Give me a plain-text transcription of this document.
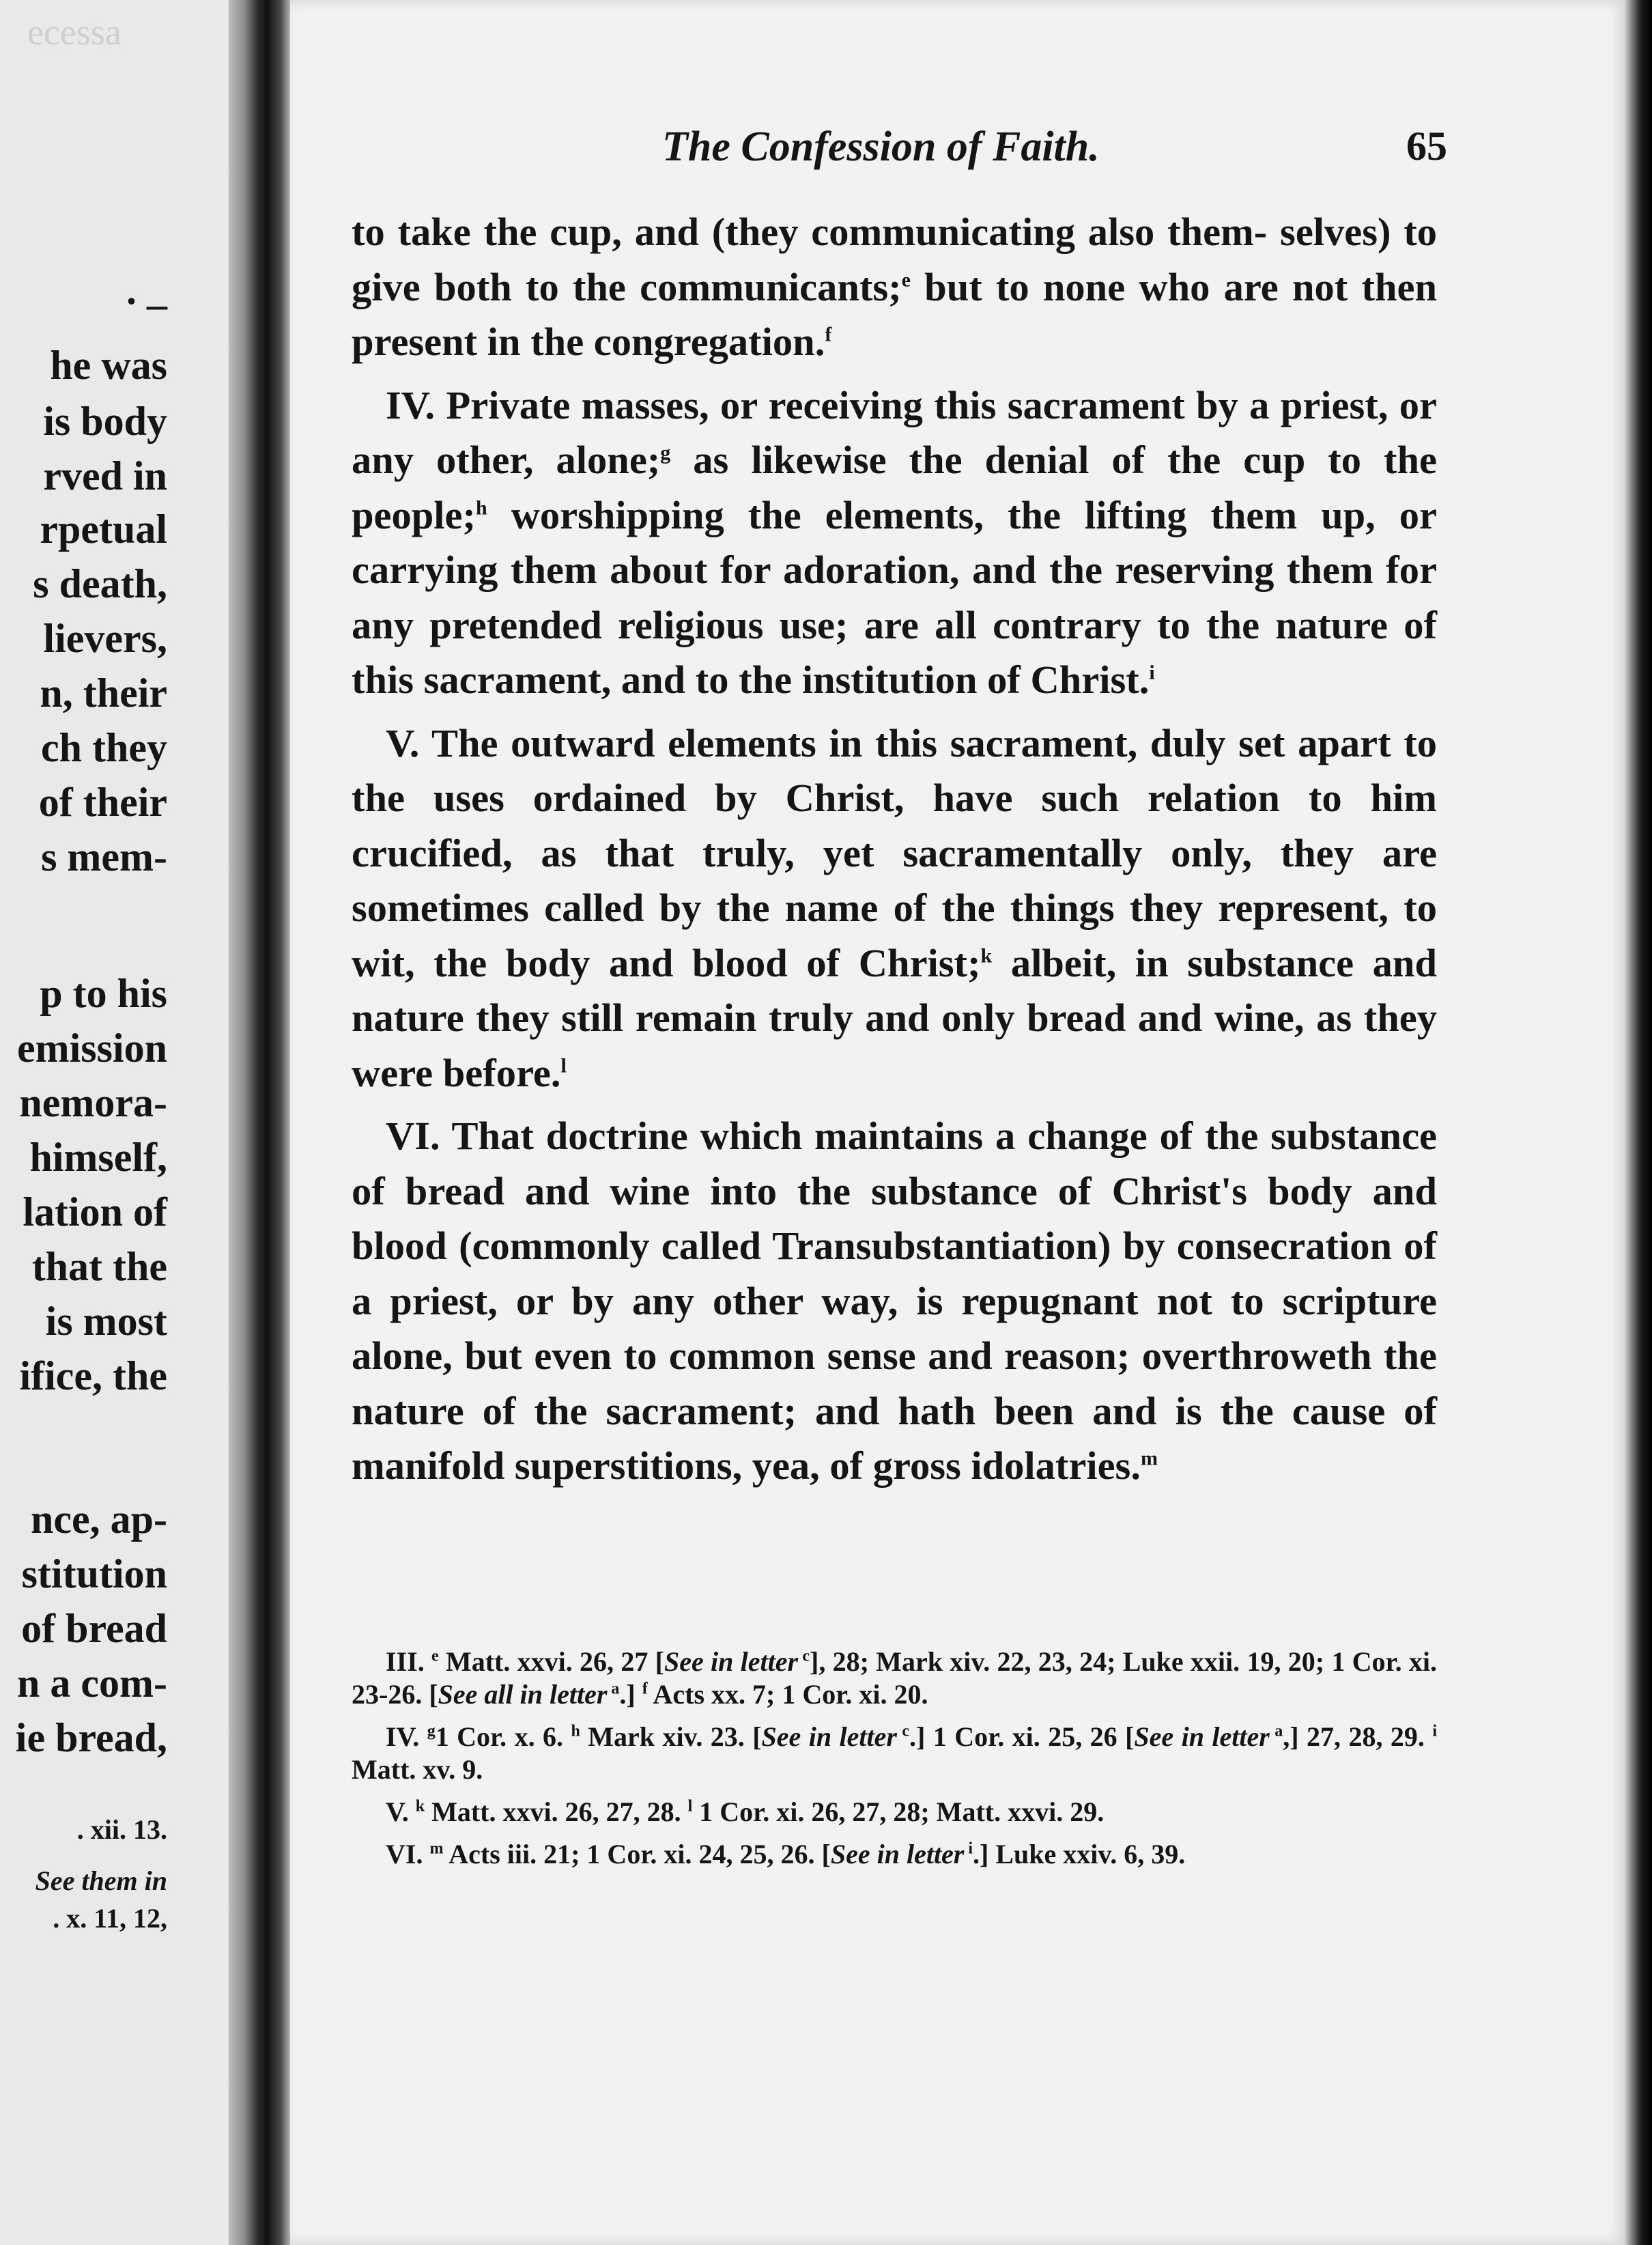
ecessa
. _
he was
is body
rved in
rpetual
s death,
lievers,
n, their
ch they
of their
s mem-
p to his
emission
nemora-
himself,
lation of
that the
is most
ifice, the
nce, ap-
stitution
of bread
n a com-
ie bread,
. xii. 13.
See them in
. x. 11, 12,
The Confession of Faith.	65

to take the cup, and (they communicating also them- selves) to give both to the communicants;$^e$ but to none who are not then present in the congregation.$^f$

IV. Private masses, or receiving this sacrament by a priest, or any other, alone;$^g$ as likewise the denial of the cup to the people;$^h$ worshipping the elements, the lifting them up, or carrying them about for adoration, and the reserving them for any pretended religious use; are all contrary to the nature of this sacrament, and to the institution of Christ.$^i$

V. The outward elements in this sacrament, duly set apart to the uses ordained by Christ, have such relation to him crucified, as that truly, yet sacramentally only, they are sometimes called by the name of the things they represent, to wit, the body and blood of Christ;$^k$ albeit, in substance and nature they still remain truly and only bread and wine, as they were before.$^l$

VI. That doctrine which maintains a change of the substance of bread and wine into the substance of Christ's body and blood (commonly called Transubstantiation) by consecration of a priest, or by any other way, is repugnant not to scripture alone, but even to common sense and reason; overthroweth the nature of the sacrament; and hath been and is the cause of manifold superstitions, yea, of gross idolatries.$^m$

III. $^e$ Matt. xxvi. 26, 27 [See in letter $^c$], 28; Mark xiv. 22, 23, 24; Luke xxii. 19, 20; 1 Cor. xi. 23-26. [See all in letter $^a$.] $^f$ Acts xx. 7; 1 Cor. xi. 20.

IV. $^g$1 Cor. x. 6. $^h$ Mark xiv. 23. [See in letter $^c$.] 1 Cor. xi. 25, 26 [See in letter $^a$,] 27, 28, 29. $^i$ Matt. xv. 9.

V. $^k$ Matt. xxvi. 26, 27, 28. $^l$ 1 Cor. xi. 26, 27, 28; Matt. xxvi. 29.

VI. $^m$ Acts iii. 21; 1 Cor. xi. 24, 25, 26. [See in letter $^i$.] Luke xxiv. 6, 39.
